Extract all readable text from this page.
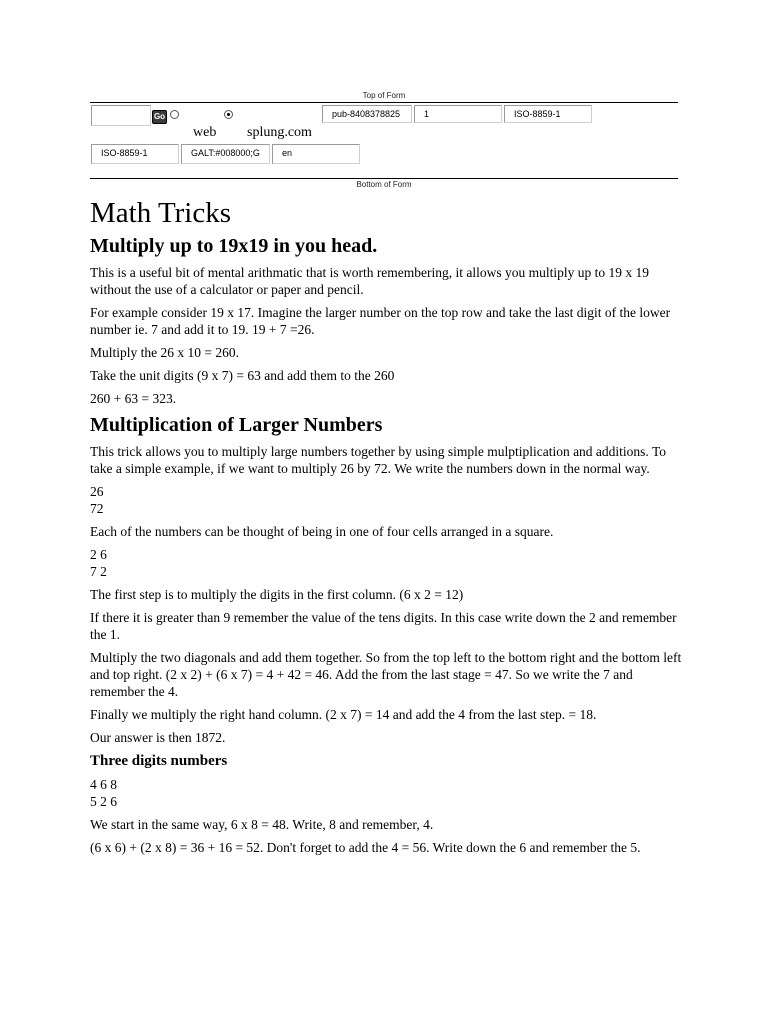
Top of Form
Go	pub-8408378825	1	ISO-8859-1
web splung.com
ISO-8859-1	GALT:#008000;G	en
Bottom of Form
Math Tricks
Multiply up to 19x19 in you head.

This is a useful bit of mental arithmatic that is worth remembering, it allows you multiply up to 19 x 19 without the use of a calculator or paper and pencil.

For example consider 19 x 17. Imagine the larger number on the top row and take the last digit of the lower number ie. 7 and add it to 19. 19 + 7 =26.

Multiply the 26 x 10 = 260.

Take the unit digits (9 x 7) = 63 and add them to the 260

260 + 63 = 323.

Multiplication of Larger Numbers

This trick allows you to multiply large numbers together by using simple mulptiplication and additions. To take a simple example, if we want to multiply 26 by 72. We write the numbers down in the normal way.

26
72

Each of the numbers can be thought of being in one of four cells arranged in a square.

2 6
7 2

The first step is to multiply the digits in the first column. (6 x 2 = 12)

If there it is greater than 9 remember the value of the tens digits. In this case write down the 2 and remember the 1.

Multiply the two diagonals and add them together. So from the top left to the bottom right and the bottom left and top right. (2 x 2) + (6 x 7) = 4 + 42 = 46. Add the from the last stage = 47. So we write the 7 and remember the 4.

Finally we multiply the right hand column. (2 x 7) = 14 and add the 4 from the last step. = 18.

Our answer is then 1872.

Three digits numbers
4 6 8
5 2 6

We start in the same way, 6 x 8 = 48. Write, 8 and remember, 4.

(6 x 6) + (2 x 8) = 36 + 16 = 52. Don't forget to add the 4 = 56. Write down the 6 and remember the 5.
